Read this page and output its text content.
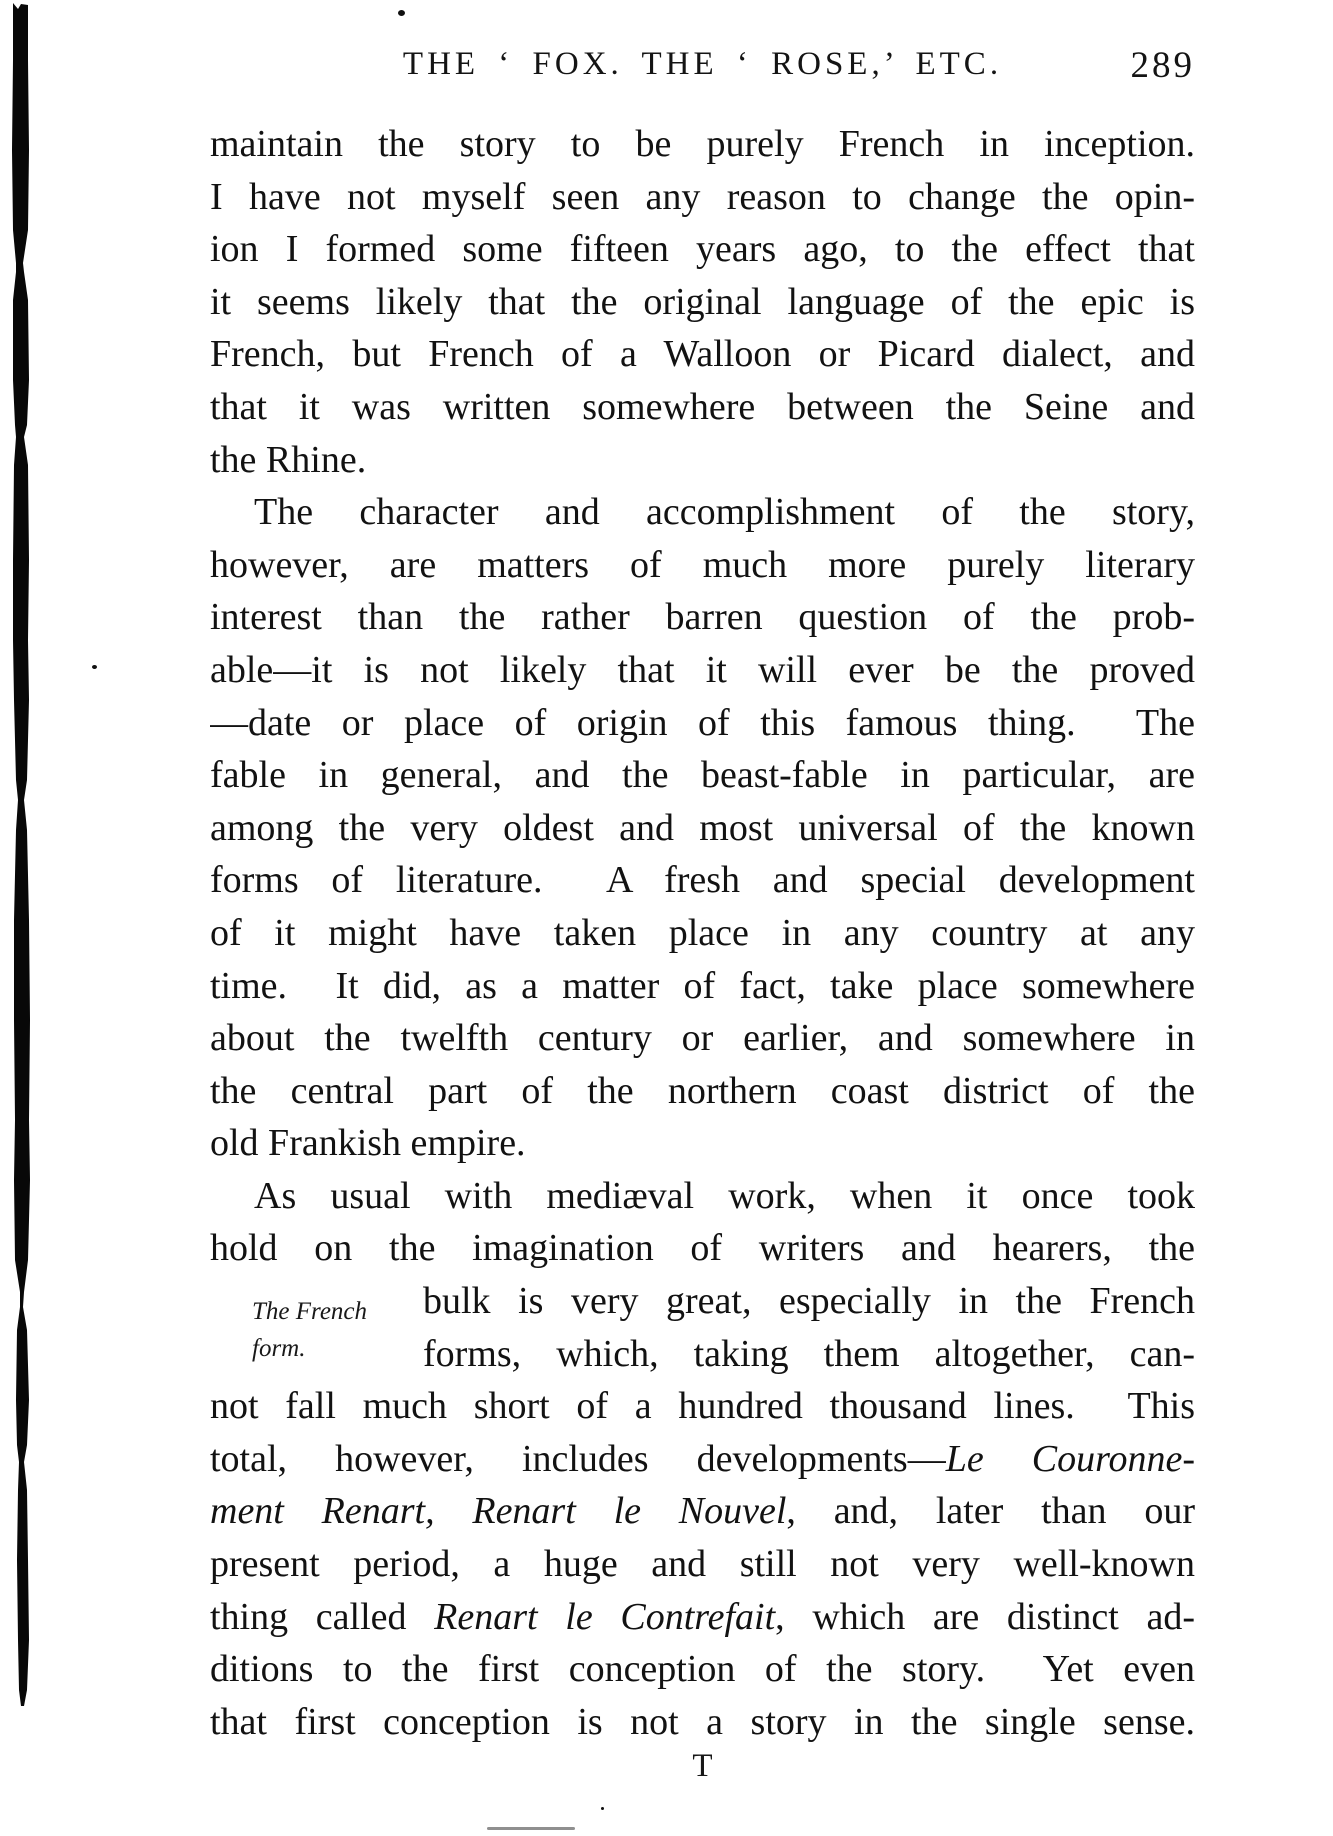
THE ‘ FOX. THE ‘ ROSE,’ ETC.	289
maintain the story to be purely French in inception.
I have not myself seen any reason to change the opin-
ion I formed some fifteen years ago, to the effect that
it seems likely that the original language of the epic is
French, but French of a Walloon or Picard dialect, and
that it was written somewhere between the Seine and
the Rhine.
The character and accomplishment of the story,
however, are matters of much more purely literary
interest than the rather barren question of the prob-
able—it is not likely that it will ever be the proved
—date or place of origin of this famous thing.  The
fable in general, and the beast-fable in particular, are
among the very oldest and most universal of the known
forms of literature.  A fresh and special development
of it might have taken place in any country at any
time.  It did, as a matter of fact, take place somewhere
about the twelfth century or earlier, and somewhere in
the central part of the northern coast district of the
old Frankish empire.
As usual with mediæval work, when it once took
hold on the imagination of writers and hearers, the
bulk is very great, especially in the French
forms, which, taking them altogether, can-
not fall much short of a hundred thousand lines.  This
total, however, includes developments—Le Couronne-
ment Renart, Renart le Nouvel, and, later than our
present period, a huge and still not very well-known
thing called Renart le Contrefait, which are distinct ad-
ditions to the first conception of the story.  Yet even
that first conception is not a story in the single sense.
The French
form.
T
